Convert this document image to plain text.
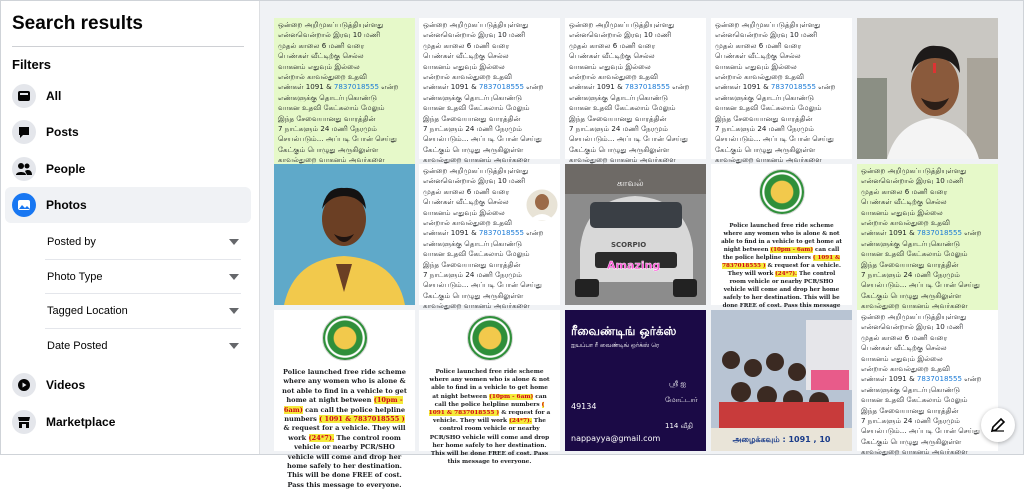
Search results
Filters
All
Posts
People
Photos
Posted by
Photo Type
Tagged Location
Date Posted
Videos
Marketplace
ஒன்றை அறிமுகப்படுத்தியுள்ளது
என்னவென்றால் இரவு 10 மணி
முதல் காலை 6 மணி வரை
பெண்கள் வீட்டிற்கு செல்ல
வாகனம் எதுவும் இல்லை
என்றால் காவல்துறை உதவி
எண்கள் 1091 & 7837018555 என்ற
எண்களுக்கு தொடர்புகொண்டு
வாகன உதவி கேட்கலாம் மேலும்
இந்த சேவையானது வாரத்தின்
7 நாட்களும் 24 மணி நேரமும்
செயல்படும்... அப்படி போன் செய்து
கேட்கும் பொழுது அருகிலுள்ள
காவல்துறை வாகனம் அவர்களை
ஒன்றை அறிமுகப்படுத்தியுள்ளது
என்னவென்றால் இரவு 10 மணி
முதல் காலை 6 மணி வரை
பெண்கள் வீட்டிற்கு செல்ல
வாகனம் எதுவும் இல்லை
என்றால் காவல்துறை உதவி
எண்கள் 1091 & 7837018555 என்ற
எண்களுக்கு தொடர்புகொண்டு
வாகன உதவி கேட்கலாம் மேலும்
இந்த சேவையானது வாரத்தின்
7 நாட்களும் 24 மணி நேரமும்
செயல்படும்... அப்படி போன் செய்து
கேட்கும் பொழுது அருகிலுள்ள
காவல்துறை வாகனம் அவர்களை
ஒன்றை அறிமுகப்படுத்தியுள்ளது
என்னவென்றால் இரவு 10 மணி
முதல் காலை 6 மணி வரை
பெண்கள் வீட்டிற்கு செல்ல
வாகனம் எதுவும் இல்லை
என்றால் காவல்துறை உதவி
எண்கள் 1091 & 7837018555 என்ற
எண்களுக்கு தொடர்புகொண்டு
வாகன உதவி கேட்கலாம் மேலும்
இந்த சேவையானது வாரத்தின்
7 நாட்களும் 24 மணி நேரமும்
செயல்படும்... அப்படி போன் செய்து
கேட்கும் பொழுது அருகிலுள்ள
காவல்துறை வாகனம் அவர்களை
ஒன்றை அறிமுகப்படுத்தியுள்ளது
என்னவென்றால் இரவு 10 மணி
முதல் காலை 6 மணி வரை
பெண்கள் வீட்டிற்கு செல்ல
வாகனம் எதுவும் இல்லை
என்றால் காவல்துறை உதவி
எண்கள் 1091 & 7837018555 என்ற
எண்களுக்கு தொடர்புகொண்டு
வாகன உதவி கேட்கலாம் மேலும்
இந்த சேவையானது வாரத்தின்
7 நாட்களும் 24 மணி நேரமும்
செயல்படும்... அப்படி போன் செய்து
கேட்கும் பொழுது அருகிலுள்ள
காவல்துறை வாகனம் அவர்களை
ஒன்றை அறிமுகப்படுத்தியுள்ளது
என்னவென்றால் இரவு 10 மணி
முதல் காலை 6 மணி வரை
பெண்கள் வீட்டிற்கு செல்ல
வாகனம் எதுவும் இல்லை
என்றால் காவல்துறை உதவி
எண்கள் 1091 & 7837018555 என்ற
எண்களுக்கு தொடர்புகொண்டு
வாகன உதவி கேட்கலாம் மேலும்
இந்த சேவையானது வாரத்தின்
7 நாட்களும் 24 மணி நேரமும்
செயல்படும்... அப்படி போன் செய்து
கேட்கும் பொழுது அருகிலுள்ள
காவல்துறை வாகனம் அவர்களை
காவல்
SCORPIO
Amazing
Police launched free ride scheme where any women who is alone & not able to find in a vehicle to get home at night between (10pm - 6am) can call the police helpline numbers ( 1091 & 7837018555 ) & request for a vehicle. They will work (24*7). The control room vehicle or nearby PCR/SHO vehicle will come and drop her home safely to her destination. This will be done FREE of cost. Pass this message
ஒன்றை அறிமுகப்படுத்தியுள்ளது
என்னவென்றால் இரவு 10 மணி
முதல் காலை 6 மணி வரை
பெண்கள் வீட்டிற்கு செல்ல
வாகனம் எதுவும் இல்லை
என்றால் காவல்துறை உதவி
எண்கள் 1091 & 7837018555 என்ற
எண்களுக்கு தொடர்புகொண்டு
வாகன உதவி கேட்கலாம் மேலும்
இந்த சேவையானது வாரத்தின்
7 நாட்களும் 24 மணி நேரமும்
செயல்படும்... அப்படி போன் செய்து
கேட்கும் பொழுது அருகிலுள்ள
காவல்துறை வாகனம் அவர்களை
Police launched free ride scheme where any women who is alone & not able to find in a vehicle to get home at night between (10pm - 6am) can call the police helpline numbers ( 1091 & 7837018555 ) & request for a vehicle. They will work (24*7). The control room vehicle or nearby PCR/SHO vehicle will come and drop her home safely to her destination. This will be done FREE of cost. Pass this message to everyone.
Police launched free ride scheme where any women who is alone & not able to find in a vehicle to get home at night between (10pm - 6am) can call the police helpline numbers ( 1091 & 7837018555 ) & request for a vehicle. They will work (24*7). The control room vehicle or nearby PCR/SHO vehicle will come and drop her home safely to her destination. This will be done FREE of cost. Pass this message to everyone.
ரீவைண்டிங் ஒர்க்ஸ்
ஐயப்பா ரீ வைண்டிங் ஒர்க்ஸ் ரெ
49134
nappayya@gmail.com
ஸ்ரீ ஐ
மோட்டார்
114 வீதி
அழைக்கவும் : 1091 , 10
ஒன்றை அறிமுகப்படுத்தியுள்ளது
என்னவென்றால் இரவு 10 மணி
முதல் காலை 6 மணி வரை
பெண்கள் வீட்டிற்கு செல்ல
வாகனம் எதுவும் இல்லை
என்றால் காவல்துறை உதவி
எண்கள் 1091 & 7837018555 என்ற
எண்களுக்கு தொடர்புகொண்டு
வாகன உதவி கேட்கலாம் மேலும்
இந்த சேவையானது வாரத்தின்
7 நாட்களும் 24 மணி நேரமும்
செயல்படும்... அப்படி போன் செய்து
கேட்கும் பொழுது அருகிலுள்ள
காவல்துறை வாகனம் அவர்களை
